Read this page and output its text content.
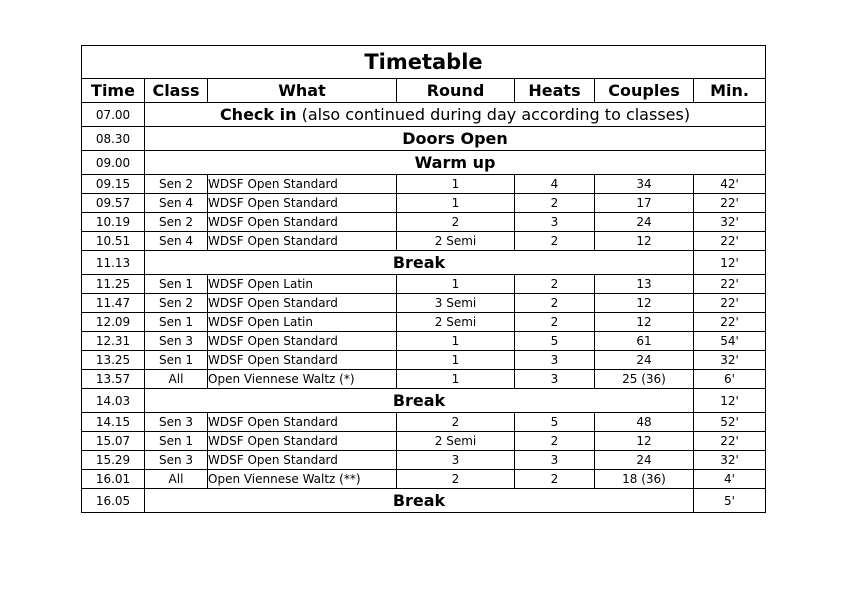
Timetable						
Time	Class	What	Round	Heats	Couples	Min.
07.00	Check in (also continued during day according to classes)					
08.30	Doors Open					
09.00	Warm up					
09.15	Sen 2	WDSF Open Standard	1	4	34	42'
09.57	Sen 4	WDSF Open Standard	1	2	17	22'
10.19	Sen 2	WDSF Open Standard	2	3	24	32'
10.51	Sen 4	WDSF Open Standard	2 Semi	2	12	22'
11.13	Break					12'
11.25	Sen 1	WDSF Open Latin	1	2	13	22'
11.47	Sen 2	WDSF Open Standard	3 Semi	2	12	22'
12.09	Sen 1	WDSF Open Latin	2 Semi	2	12	22'
12.31	Sen 3	WDSF Open Standard	1	5	61	54'
13.25	Sen 1	WDSF Open Standard	1	3	24	32'
13.57	All	Open Viennese Waltz (*)	1	3	25 (36)	6'
14.03	Break					12'
14.15	Sen 3	WDSF Open Standard	2	5	48	52'
15.07	Sen 1	WDSF Open Standard	2 Semi	2	12	22'
15.29	Sen 3	WDSF Open Standard	3	3	24	32'
16.01	All	Open Viennese Waltz (**)	2	2	18 (36)	4'
16.05	Break					5'
